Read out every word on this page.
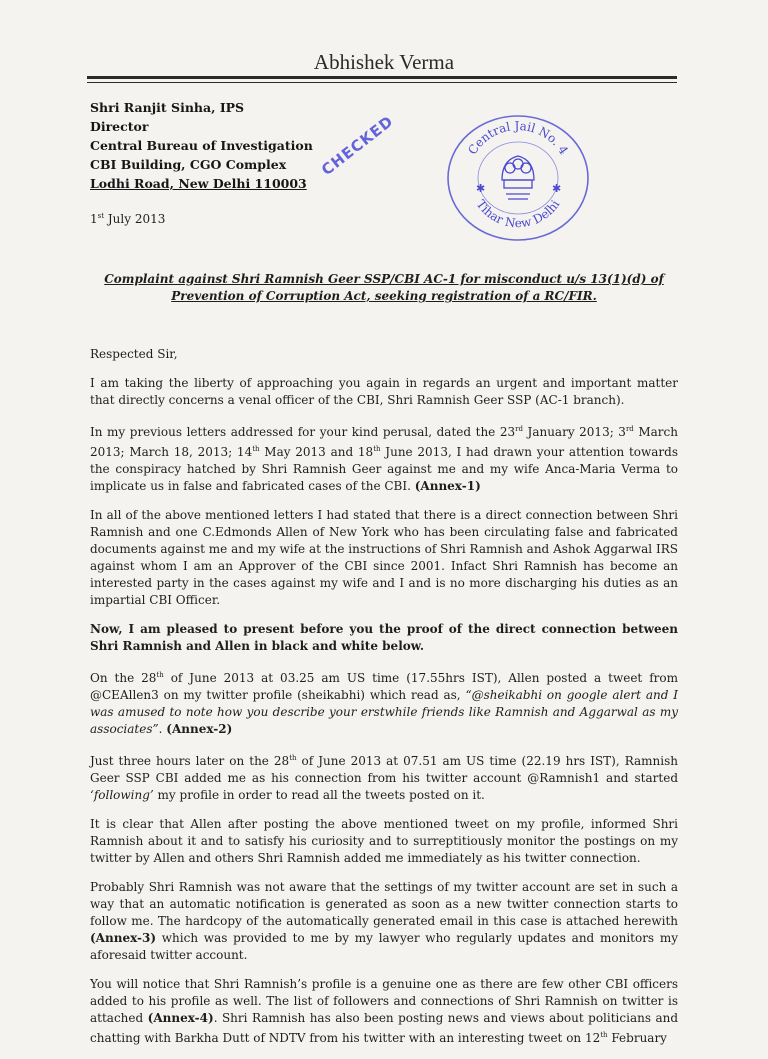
Abhishek Verma
Shri Ranjit Sinha, IPS
Director
Central Bureau of Investigation
CBI Building, CGO Complex
Lodhi Road, New Delhi 110003
CHECKED	Central Jail No. 4
Tihar New Delhi
✱	✱
1st July 2013
Complaint against Shri Ramnish Geer SSP/CBI AC-1 for misconduct u/s 13(1)(d) of
Prevention of Corruption Act, seeking registration of a RC/FIR.

Respected Sir,

I am taking the liberty of approaching you again in regards an urgent and important matter that directly concerns a venal officer of the CBI, Shri Ramnish Geer SSP (AC-1 branch).

In my previous letters addressed for your kind perusal, dated the 23rd January 2013; 3rd March 2013; March 18, 2013; 14th May 2013 and 18th June 2013, I had drawn your attention towards the conspiracy hatched by Shri Ramnish Geer against me and my wife Anca-Maria Verma to implicate us in false and fabricated cases of the CBI. (Annex-1)

In all of the above mentioned letters I had stated that there is a direct connection between Shri Ramnish and one C.Edmonds Allen of New York who has been circulating false and fabricated documents against me and my wife at the instructions of Shri Ramnish and Ashok Aggarwal IRS against whom I am an Approver of the CBI since 2001. Infact Shri Ramnish has become an interested party in the cases against my wife and I and is no more discharging his duties as an impartial CBI Officer.

Now, I am pleased to present before you the proof of the direct connection between Shri Ramnish and Allen in black and white below.

On the 28th of June 2013 at 03.25 am US time (17.55hrs IST), Allen posted a tweet from @CEAllen3 on my twitter profile (sheikabhi) which read as, “@sheikabhi on google alert and I was amused to note how you describe your erstwhile friends like Ramnish and Aggarwal as my associates”. (Annex-2)

Just three hours later on the 28th of June 2013 at 07.51 am US time (22.19 hrs IST), Ramnish Geer SSP CBI added me as his connection from his twitter account @Ramnish1 and started ‘following’ my profile in order to read all the tweets posted on it.

It is clear that Allen after posting the above mentioned tweet on my profile, informed Shri Ramnish about it and to satisfy his curiosity and to surreptitiously monitor the postings on my twitter by Allen and others Shri Ramnish added me immediately as his twitter connection.

Probably Shri Ramnish was not aware that the settings of my twitter account are set in such a way that an automatic notification is generated as soon as a new twitter connection starts to follow me. The hardcopy of the automatically generated email in this case is attached herewith (Annex-3) which was provided to me by my lawyer who regularly updates and monitors my aforesaid twitter account.

You will notice that Shri Ramnish’s profile is a genuine one as there are few other CBI officers added to his profile as well. The list of followers and connections of Shri Ramnish on twitter is attached (Annex-4). Shri Ramnish has also been posting news and views about politicians and chatting with Barkha Dutt of NDTV from his twitter with an interesting tweet on 12th February
